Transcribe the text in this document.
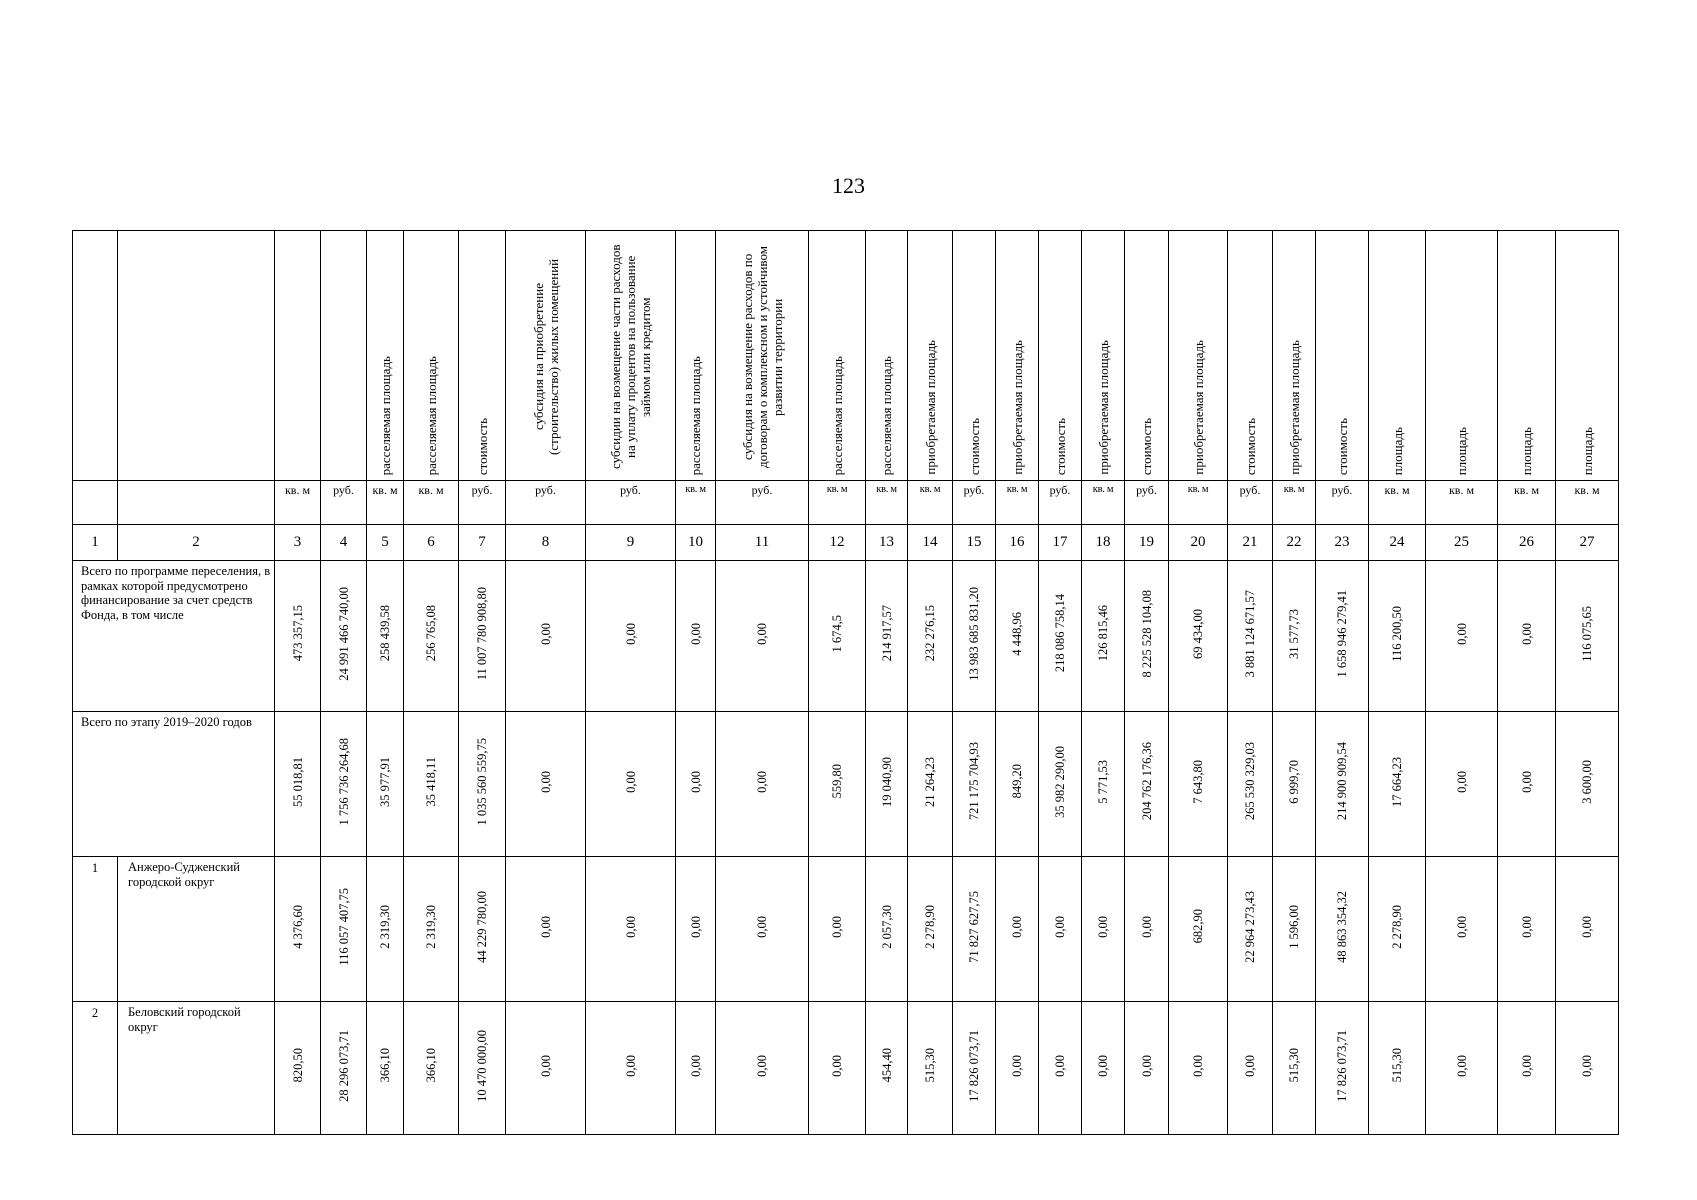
123
				расселяемая площадь	расселяемая площадь	стоимость	субсидия на приобретение (строительство) жилых помещений	субсидии на возмещение части расходов на уплату процентов на пользование займом или кредитом	расселяемая площадь	субсидия на возмещение расходов по договорам о комплексном и устойчивом развитии территории	расселяемая площадь	расселяемая площадь	приобретаемая площадь	стоимость	приобретаемая площадь	стоимость	приобретаемая площадь	стоимость	приобретаемая площадь	стоимость	приобретаемая площадь	стоимость	площадь	площадь	площадь	площадь
		кв. м	руб.	кв. м	кв. м	руб.	руб.	руб.	кв. м	руб.	кв. м	кв. м	кв. м	руб.	кв. м	руб.	кв. м	руб.	кв. м	руб.	кв. м	руб.	кв. м	кв. м	кв. м	кв. м
1	2	3	4	5	6	7	8	9	10	11	12	13	14	15	16	17	18	19	20	21	22	23	24	25	26	27
Всего по программе переселения, в рамках которой предусмотрено финансирование за счет средств Фонда, в том числе		473 357,15	24 991 466 740,00	258 439,58	256 765,08	11 007 780 908,80	0,00	0,00	0,00	0,00	1 674,5	214 917,57	232 276,15	13 983 685 831,20	4 448,96	218 086 758,14	126 815,46	8 225 528 104,08	69 434,00	3 881 124 671,57	31 577,73	1 658 946 279,41	116 200,50	0,00	0,00	116 075,65
Всего по этапу 2019–2020 годов		55 018,81	1 756 736 264,68	35 977,91	35 418,11	1 035 560 559,75	0,00	0,00	0,00	0,00	559,80	19 040,90	21 264,23	721 175 704,93	849,20	35 982 290,00	5 771,53	204 762 176,36	7 643,80	265 530 329,03	6 999,70	214 900 909,54	17 664,23	0,00	0,00	3 600,00
1	Анжеро-Судженский городской округ	4 376,60	116 057 407,75	2 319,30	2 319,30	44 229 780,00	0,00	0,00	0,00	0,00	0,00	2 057,30	2 278,90	71 827 627,75	0,00	0,00	0,00	0,00	682,90	22 964 273,43	1 596,00	48 863 354,32	2 278,90	0,00	0,00	0,00
2	Беловский городской округ	820,50	28 296 073,71	366,10	366,10	10 470 000,00	0,00	0,00	0,00	0,00	0,00	454,40	515,30	17 826 073,71	0,00	0,00	0,00	0,00	0,00	0,00	515,30	17 826 073,71	515,30	0,00	0,00	0,00
